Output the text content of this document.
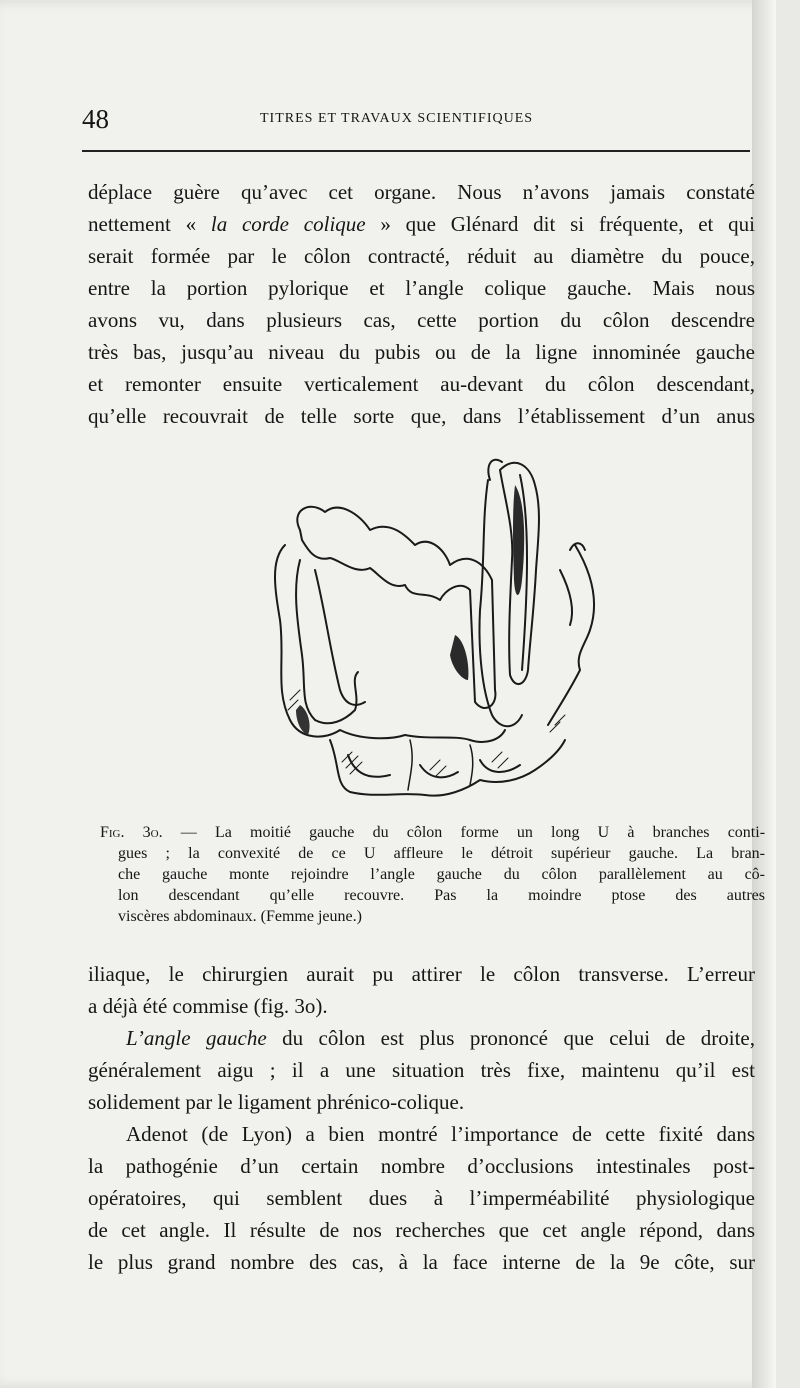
48	TITRES ET TRAVAUX SCIENTIFIQUES

déplace guère qu’avec cet organe. Nous n’avons jamais constaté

nettement « la corde colique » que Glénard dit si fréquente, et qui

serait formée par le côlon contracté, réduit au diamètre du pouce,

entre la portion pylorique et l’angle colique gauche. Mais nous

avons vu, dans plusieurs cas, cette portion du côlon descendre

très bas, jusqu’au niveau du pubis ou de la ligne innominée gauche

et remonter ensuite verticalement au-devant du côlon descendant,

qu’elle recouvrait de telle sorte que, dans l’établissement d’un anus

Fig. 3o. — La moitié gauche du côlon forme un long U à branches conti-

gues ; la convexité de ce U affleure le détroit supérieur gauche. La bran-

che gauche monte rejoindre l’angle gauche du côlon parallèlement au cô-

lon descendant qu’elle recouvre. Pas la moindre ptose des autres

viscères abdominaux. (Femme jeune.)

iliaque, le chirurgien aurait pu attirer le côlon transverse. L’erreur

a déjà été commise (fig. 3o).

L’angle gauche du côlon est plus prononcé que celui de droite,

généralement aigu ; il a une situation très fixe, maintenu qu’il est

solidement par le ligament phrénico-colique.

Adenot (de Lyon) a bien montré l’importance de cette fixité dans

la pathogénie d’un certain nombre d’occlusions intestinales post-

opératoires, qui semblent dues à l’imperméabilité physiologique

de cet angle. Il résulte de nos recherches que cet angle répond, dans

le plus grand nombre des cas, à la face interne de la 9e côte, sur
